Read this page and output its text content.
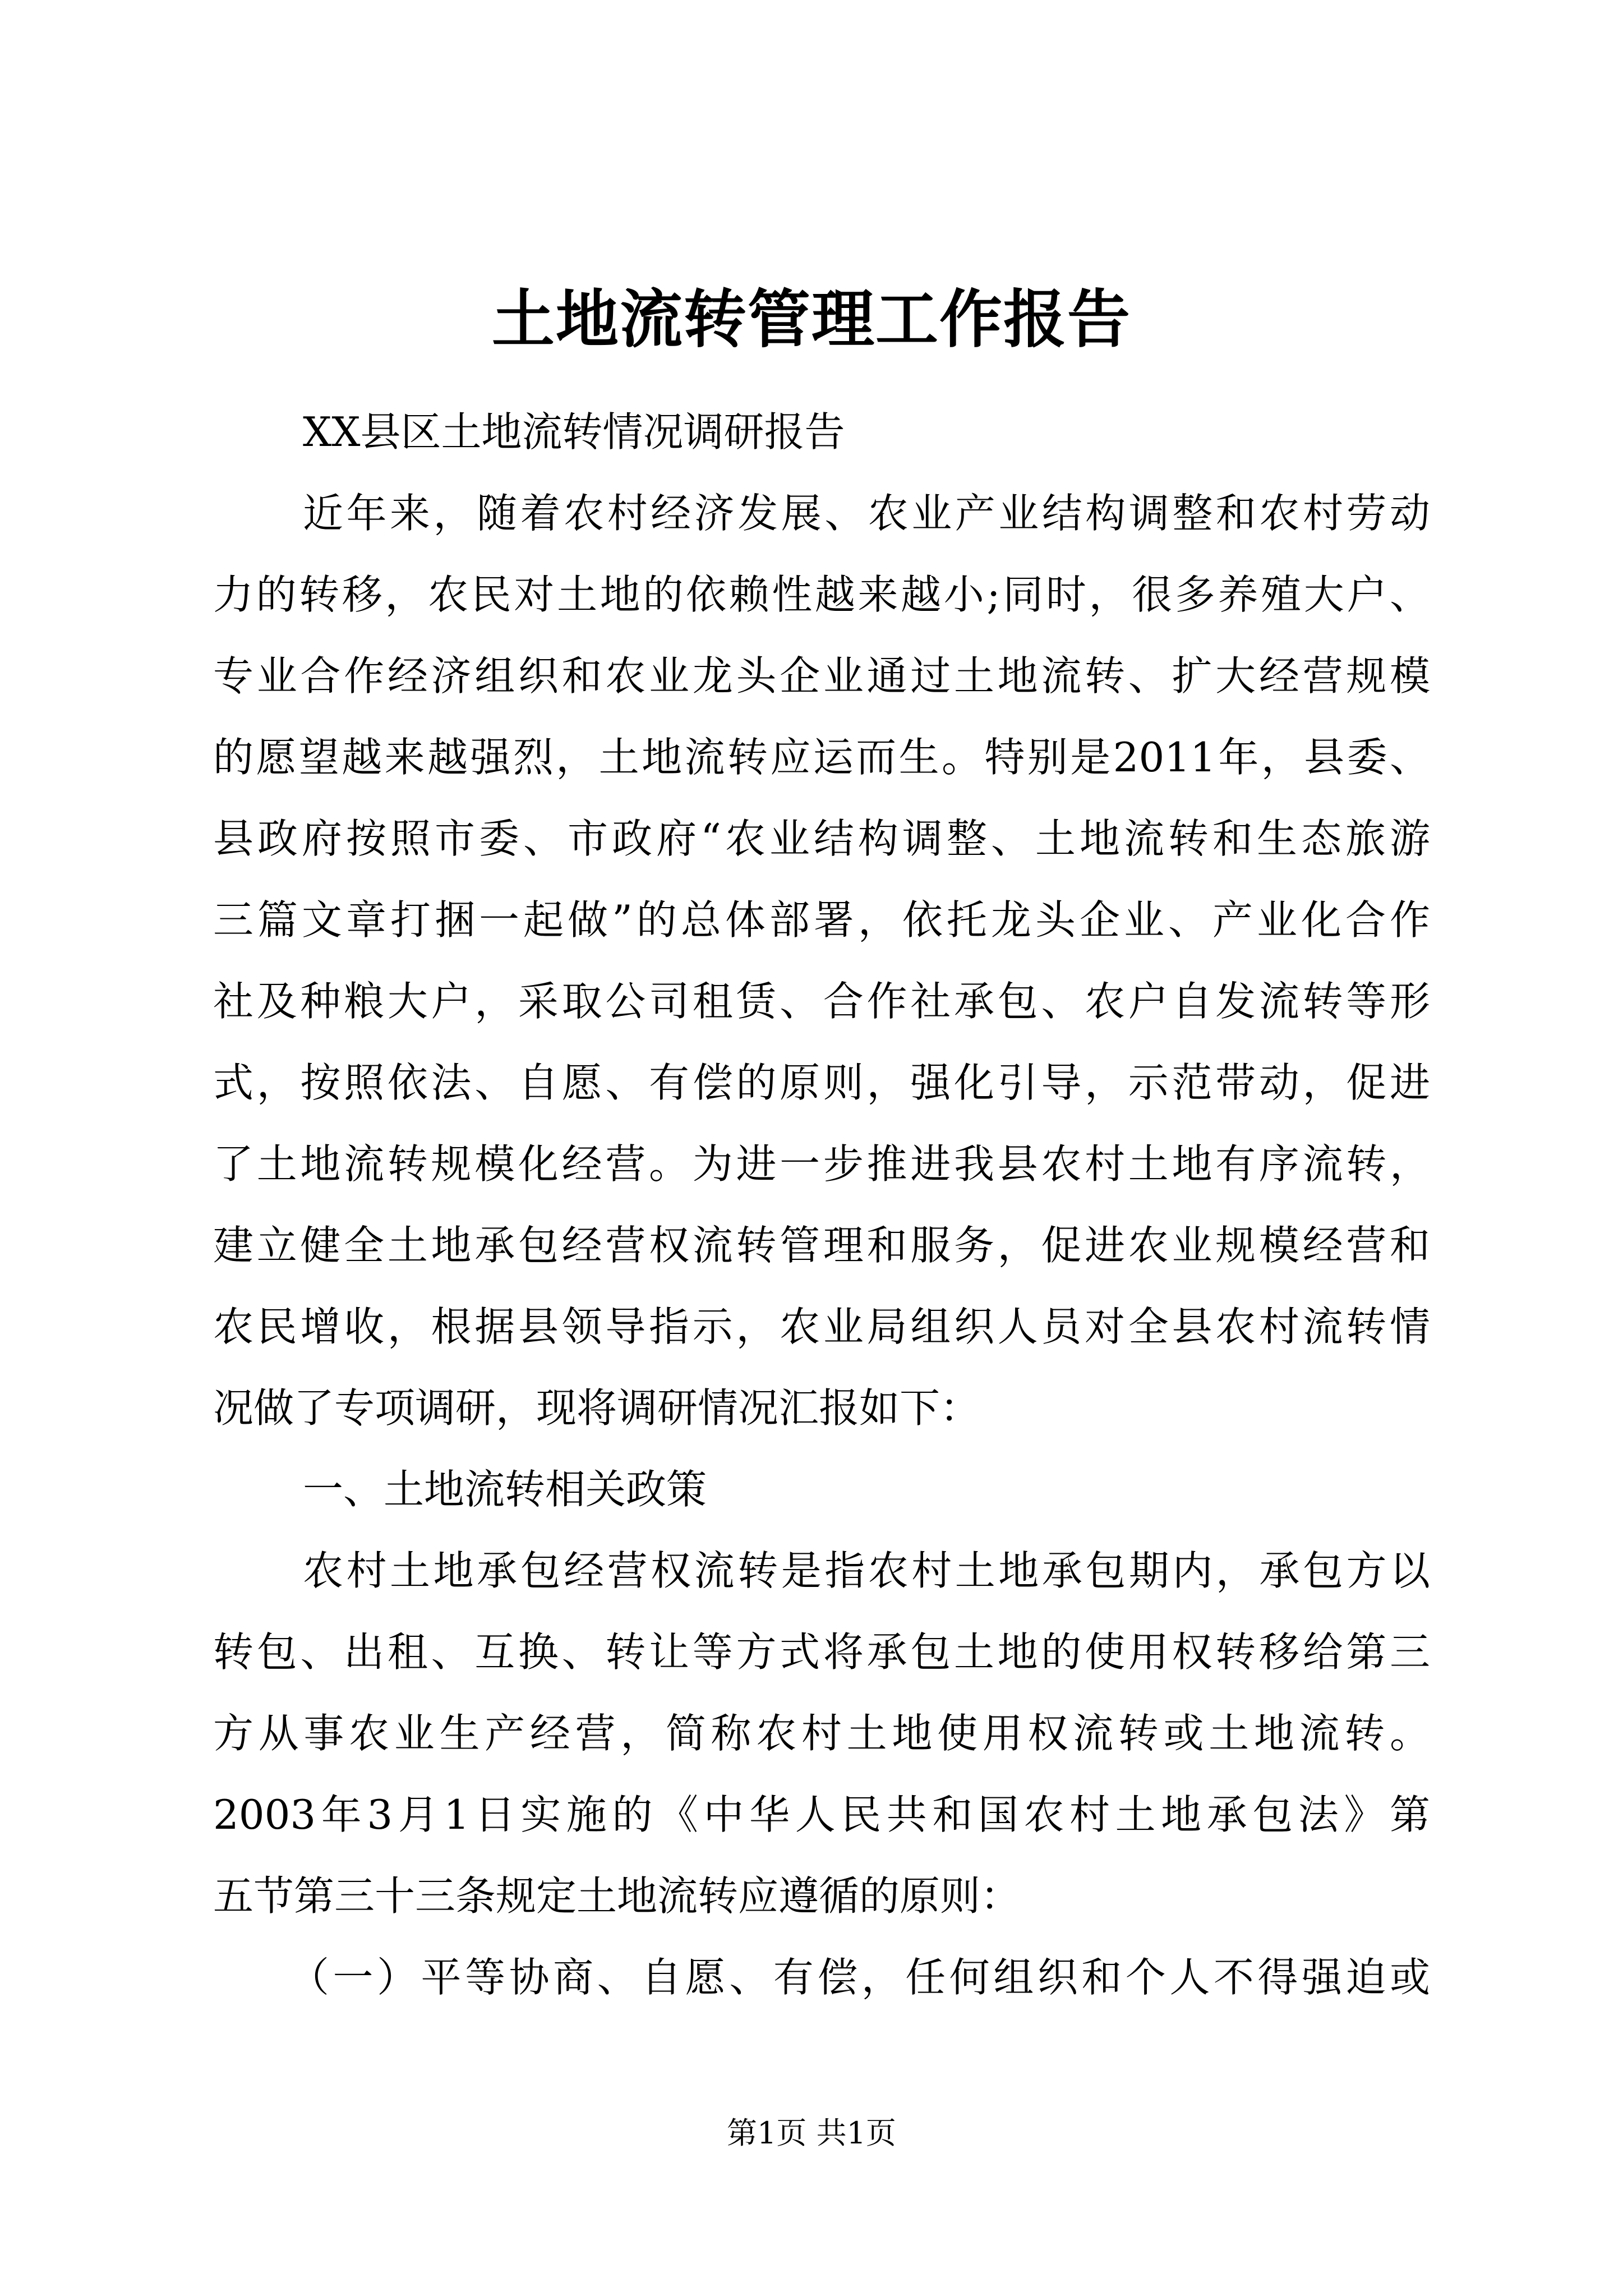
土地流转管理工作报告
XX县区土地流转情况调研报告
近年来，随着农村经济发展、农业产业结构调整和农村劳动
力的转移，农民对土地的依赖性越来越小;同时，很多养殖大户、
专业合作经济组织和农业龙头企业通过土地流转、扩大经营规模
的愿望越来越强烈，土地流转应运而生。特别是2011年，县委、
县政府按照市委、市政府“农业结构调整、土地流转和生态旅游
三篇文章打捆一起做”的总体部署，依托龙头企业、产业化合作
社及种粮大户，采取公司租赁、合作社承包、农户自发流转等形
式，按照依法、自愿、有偿的原则，强化引导，示范带动，促进
了土地流转规模化经营。为进一步推进我县农村土地有序流转，
建立健全土地承包经营权流转管理和服务，促进农业规模经营和
农民增收，根据县领导指示，农业局组织人员对全县农村流转情
况做了专项调研，现将调研情况汇报如下：
一、土地流转相关政策
农村土地承包经营权流转是指农村土地承包期内，承包方以
转包、出租、互换、转让等方式将承包土地的使用权转移给第三
方从事农业生产经营，简称农村土地使用权流转或土地流转。
2003年3月1日实施的《中华人民共和国农村土地承包法》第
五节第三十三条规定土地流转应遵循的原则：
（一）平等协商、自愿、有偿，任何组织和个人不得强迫或
第1页 共1页
